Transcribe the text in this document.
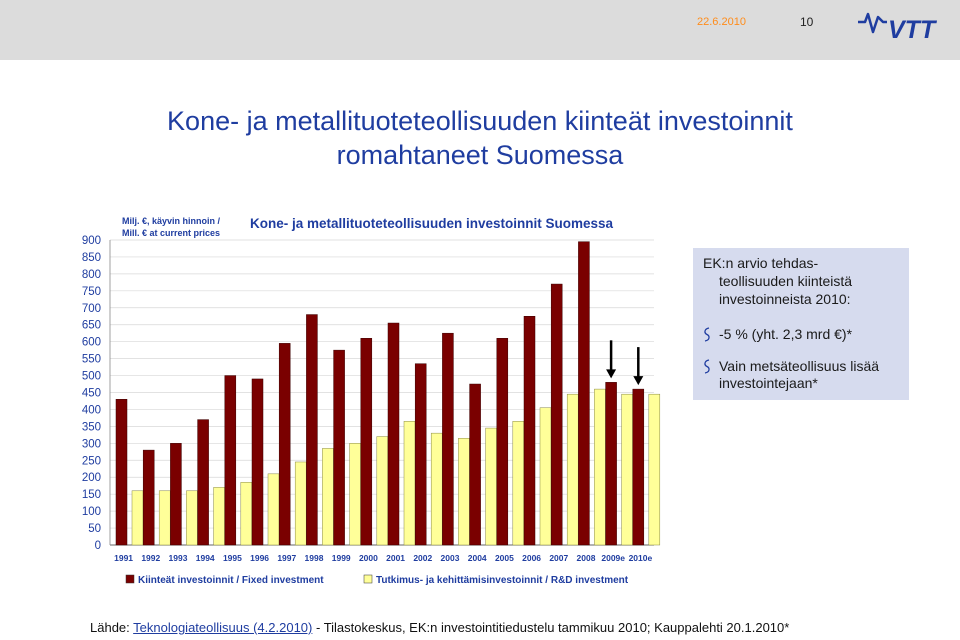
22.6.2010	10	VTT
Kone- ja metallituoteteollisuuden kiinteät investoinnit
romahtaneet Suomessa
Milj. €, käyvin hinnoin /
Mill. € at current prices
Kone- ja metallituoteteollisuuden investoinnit Suomessa
0
50
100
150
200
250
300
350
400
450
500
550
600
650
700
750
800
850
900
1991 1992 1993 1994 1995 1996 1997 1998 1999 2000 2001 2002 2003 2004 2005 2006 2007 2008 2009e 2010e
Kiinteät investoinnit / Fixed investment	Tutkimus- ja kehittämisinvestoinnit / R&D investment
EK:n arvio tehdas-
teollisuuden kiinteistä
investoinneista 2010:
-5 % (yht. 2,3 mrd €)*
Vain metsäteollisuus lisää investointejaan*
Lähde: Teknologiateollisuus (4.2.2010) - Tilastokeskus, EK:n investointitiedustelu tammikuu 2010; Kauppalehti 20.1.2010*
